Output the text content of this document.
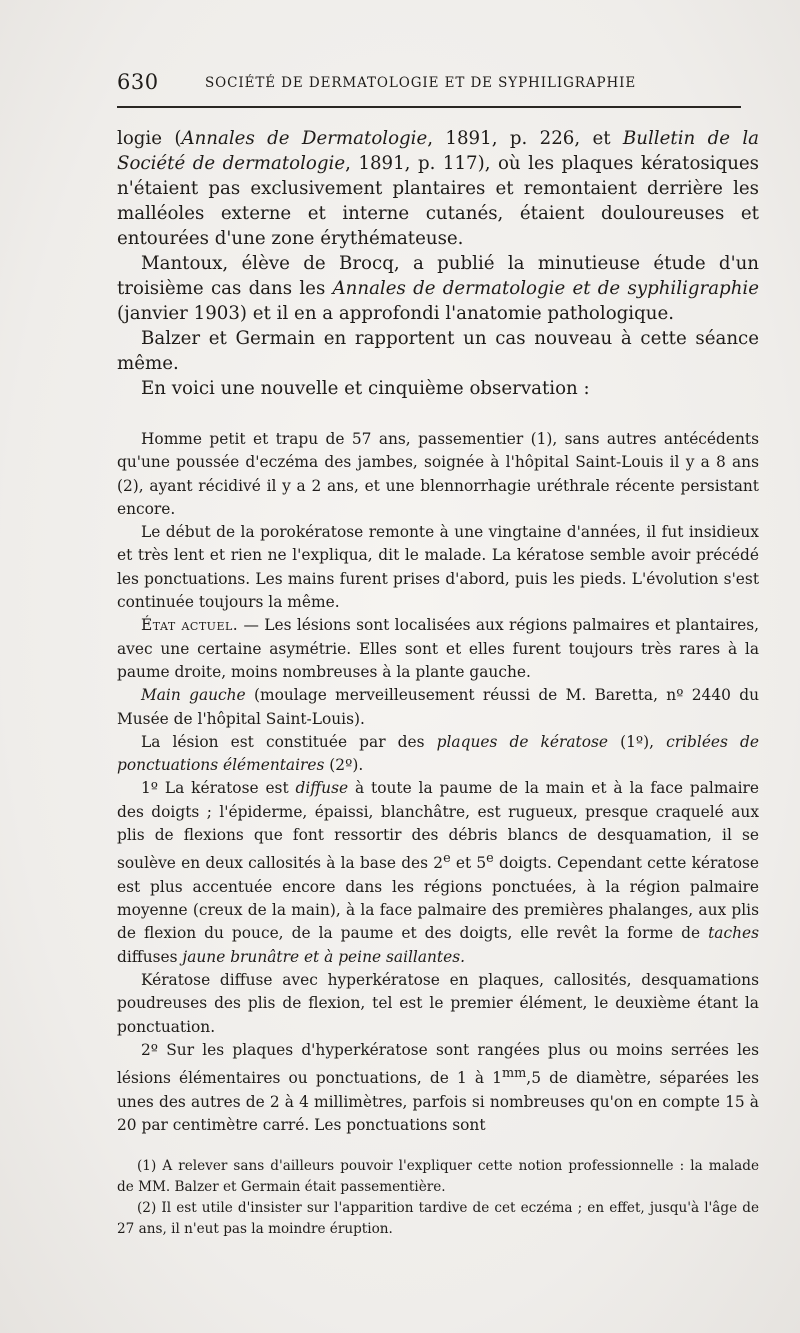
630	SOCIÉTÉ DE DERMATOLOGIE ET DE SYPHILIGRAPHIE

logie (Annales de Dermatologie, 1891, p. 226, et Bulletin de la Société de dermatologie, 1891, p. 117), où les plaques kératosiques n'étaient pas exclusivement plantaires et remontaient derrière les malléoles externe et interne cutanés, étaient douloureuses et entourées d'une zone érythémateuse.

Mantoux, élève de Brocq, a publié la minutieuse étude d'un troisième cas dans les Annales de dermatologie et de syphiligraphie (janvier 1903) et il en a approfondi l'anatomie pathologique.

Balzer et Germain en rapportent un cas nouveau à cette séance même.

En voici une nouvelle et cinquième observation :

Homme petit et trapu de 57 ans, passementier (1), sans autres antécédents qu'une poussée d'eczéma des jambes, soignée à l'hôpital Saint-Louis il y a 8 ans (2), ayant récidivé il y a 2 ans, et une blennorrhagie uréthrale récente persistant encore.

Le début de la porokératose remonte à une vingtaine d'années, il fut insidieux et très lent et rien ne l'expliqua, dit le malade. La kératose semble avoir précédé les ponctuations. Les mains furent prises d'abord, puis les pieds. L'évolution s'est continuée toujours la même.

État actuel. — Les lésions sont localisées aux régions palmaires et plantaires, avec une certaine asymétrie. Elles sont et elles furent toujours très rares à la paume droite, moins nombreuses à la plante gauche.

Main gauche (moulage merveilleusement réussi de M. Baretta, nº 2440 du Musée de l'hôpital Saint-Louis).

La lésion est constituée par des plaques de kératose (1º), criblées de ponctuations élémentaires (2º).

1º La kératose est diffuse à toute la paume de la main et à la face palmaire des doigts ; l'épiderme, épaissi, blanchâtre, est rugueux, presque craquelé aux plis de flexions que font ressortir des débris blancs de desquamation, il se soulève en deux callosités à la base des 2e et 5e doigts. Cependant cette kératose est plus accentuée encore dans les régions ponctuées, à la région palmaire moyenne (creux de la main), à la face palmaire des premières phalanges, aux plis de flexion du pouce, de la paume et des doigts, elle revêt la forme de taches diffuses jaune brunâtre et à peine saillantes.

Kératose diffuse avec hyperkératose en plaques, callosités, desquamations poudreuses des plis de flexion, tel est le premier élément, le deuxième étant la ponctuation.

2º Sur les plaques d'hyperkératose sont rangées plus ou moins serrées les lésions élémentaires ou ponctuations, de 1 à $1^{mm},5$ de diamètre, séparées les unes des autres de 2 à 4 millimètres, parfois si nombreuses qu'on en compte 15 à 20 par centimètre carré. Les ponctuations sont

(1) A relever sans d'ailleurs pouvoir l'expliquer cette notion professionnelle : la malade de MM. Balzer et Germain était passementière.

(2) Il est utile d'insister sur l'apparition tardive de cet eczéma ; en effet, jusqu'à l'âge de 27 ans, il n'eut pas la moindre éruption.
